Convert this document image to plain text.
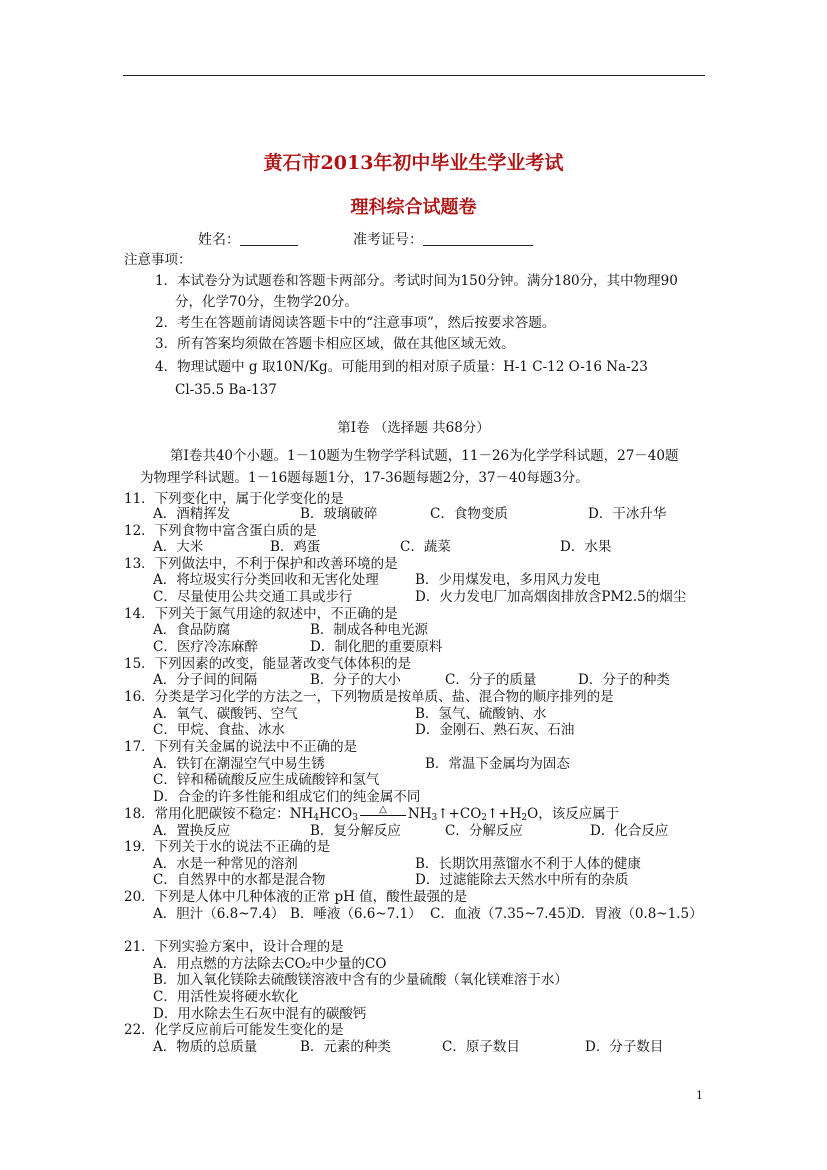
黄石市2013年初中毕业生学业考试
理科综合试题卷
姓名：	准考证号：
注意事项：
1．本试卷分为试题卷和答题卡两部分。考试时间为150分钟。满分180分，其中物理90
分，化学70分，生物学20分。
2．考生在答题前请阅读答题卡中的“注意事项”，然后按要求答题。
3．所有答案均须做在答题卡相应区域，做在其他区域无效。
4．物理试题中 g 取10N/Kg。可能用到的相对原子质量：H-1 C-12 O-16 Na-23
Cl-35.5 Ba-137
第Ⅰ卷 （选择题 共68分）
第Ⅰ卷共40个小题。1－10题为生物学学科试题，11－26为化学学科试题，27－40题
为物理学科试题。1－16题每题1分，17-36题每题2分，37－40每题3分。
11．下列变化中，属于化学变化的是
A．酒精挥发	B．玻璃破碎	C．食物变质	D．干冰升华
12．下列食物中富含蛋白质的是
A．大米	B．鸡蛋	C．蔬菜	D．水果
13．下列做法中，不利于保护和改善环境的是
A．将垃圾实行分类回收和无害化处理	B．少用煤发电，多用风力发电
C．尽量使用公共交通工具或步行	D．火力发电厂加高烟囱排放含PM2.5的烟尘
14．下列关于氮气用途的叙述中，不正确的是
A．食品防腐	B．制成各种电光源
C．医疗冷冻麻醉	D．制化肥的重要原料
15．下列因素的改变，能显著改变气体体积的是
A．分子间的间隔	B．分子的大小	C．分子的质量	D．分子的种类
16．分类是学习化学的方法之一，下列物质是按单质、盐、混合物的顺序排列的是
A．氧气、碳酸钙、空气	B．氢气、硫酸钠、水
C．甲烷、食盐、冰水	D．金刚石、熟石灰、石油
17．下列有关金属的说法中不正确的是
A．铁钉在潮湿空气中易生锈	B．常温下金属均为固态
C．锌和稀硫酸反应生成硫酸锌和氢气
D．合金的许多性能和组成它们的纯金属不同
18．常用化肥碳铵不稳定：$NH_4HCO_3$
△	$NH_3↑+CO_2↑+H_2O$，该反应属于
A．置换反应	B．复分解反应	C．分解反应	D．化合反应
19．下列关于水的说法不正确的是
A．水是一种常见的溶剂	B．长期饮用蒸馏水不利于人体的健康
C．自然界中的水都是混合物	D．过滤能除去天然水中所有的杂质
20．下列是人体中几种体液的正常 pH 值，酸性最强的是
A．胆汁（6.8~7.4） B．唾液（6.6~7.1） C．血液（7.35~7.45）
D．胃液（0.8~1.5）
21．下列实验方案中，设计合理的是
A．用点燃的方法除去CO₂中少量的CO
B．加入氧化镁除去硫酸镁溶液中含有的少量硫酸（氧化镁难溶于水）
C．用活性炭将硬水软化
D．用水除去生石灰中混有的碳酸钙
22．化学反应前后可能发生变化的是
A．物质的总质量	B．元素的种类	C．原子数目	D．分子数目
1
